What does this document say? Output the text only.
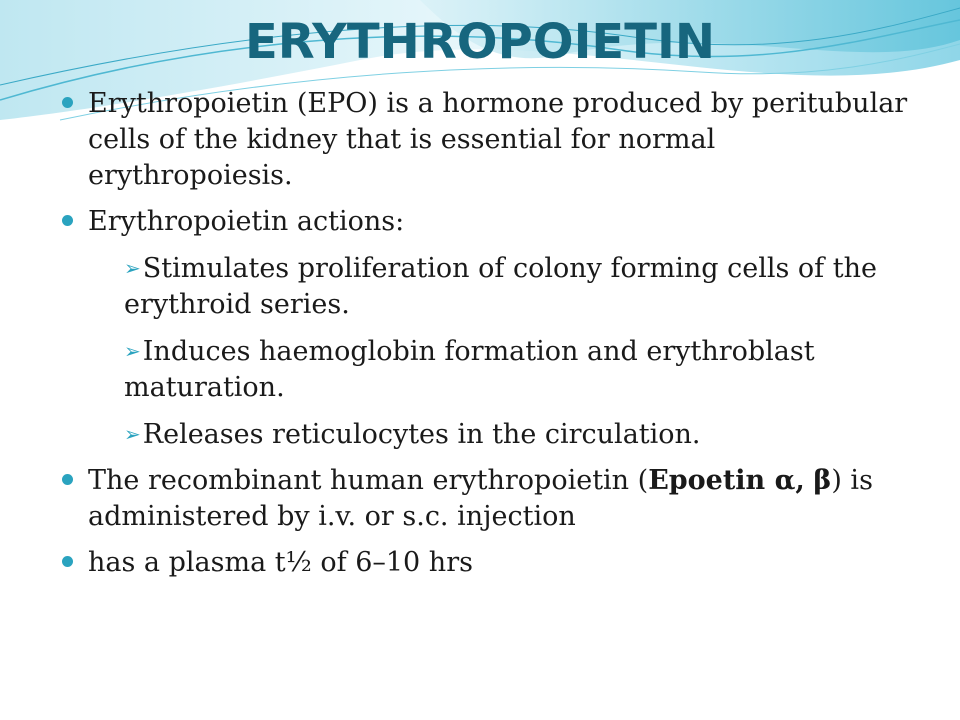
ERYTHROPOIETIN
Erythropoietin (EPO) is a hormone produced by peritubular cells of the kidney that is essential for normal erythropoiesis.
Erythropoietin actions:
➢Stimulates proliferation of colony forming cells of the erythroid series.
➢Induces haemoglobin formation and erythroblast maturation.
➢Releases reticulocytes in the circulation.
The recombinant human erythropoietin (Epoetin α, β) is administered by i.v. or s.c. injection
has a plasma t½ of 6–10 hrs
